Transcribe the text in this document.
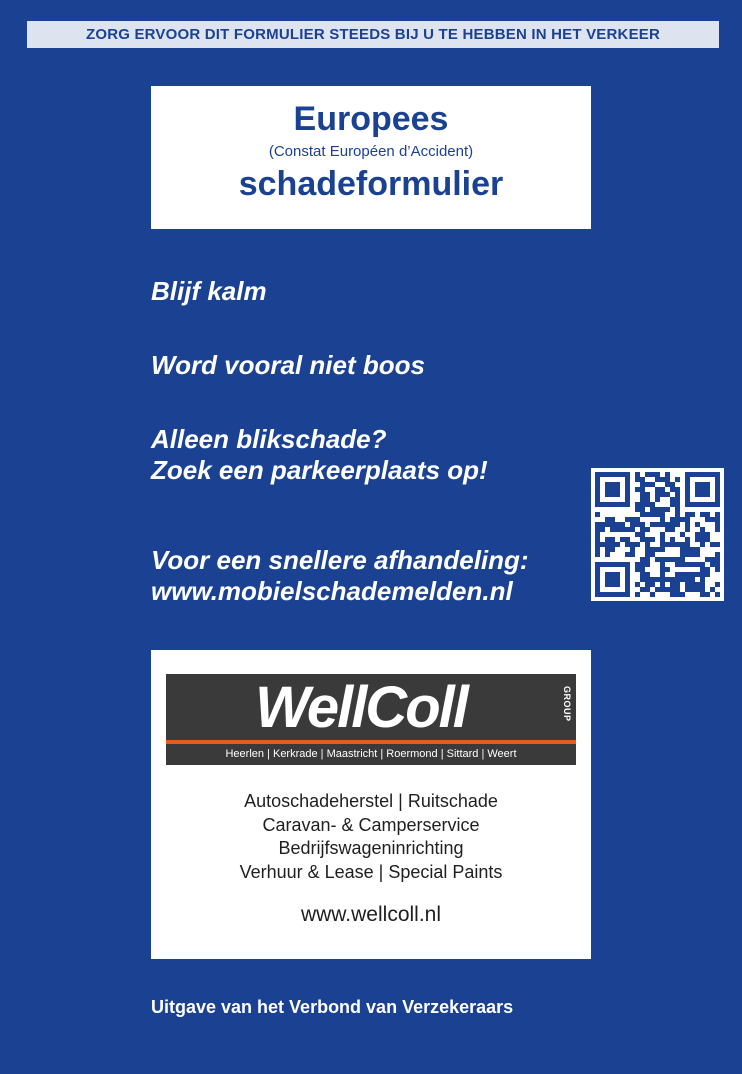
ZORG ERVOOR DIT FORMULIER STEEDS BIJ U TE HEBBEN IN HET VERKEER
Europees
(Constat Européen d’Accident)
schadeformulier
Blijf kalm
Word vooral niet boos
Alleen blikschade?
Zoek een parkeerplaats op!
Voor een snellere afhandeling:
www.mobielschademelden.nl
WellColl	GROUP
Heerlen | Kerkrade | Maastricht | Roermond | Sittard | Weert
Autoschadeherstel | Ruitschade
Caravan- & Camperservice
Bedrijfswageninrichting
Verhuur & Lease | Special Paints
www.wellcoll.nl
Uitgave van het Verbond van Verzekeraars
